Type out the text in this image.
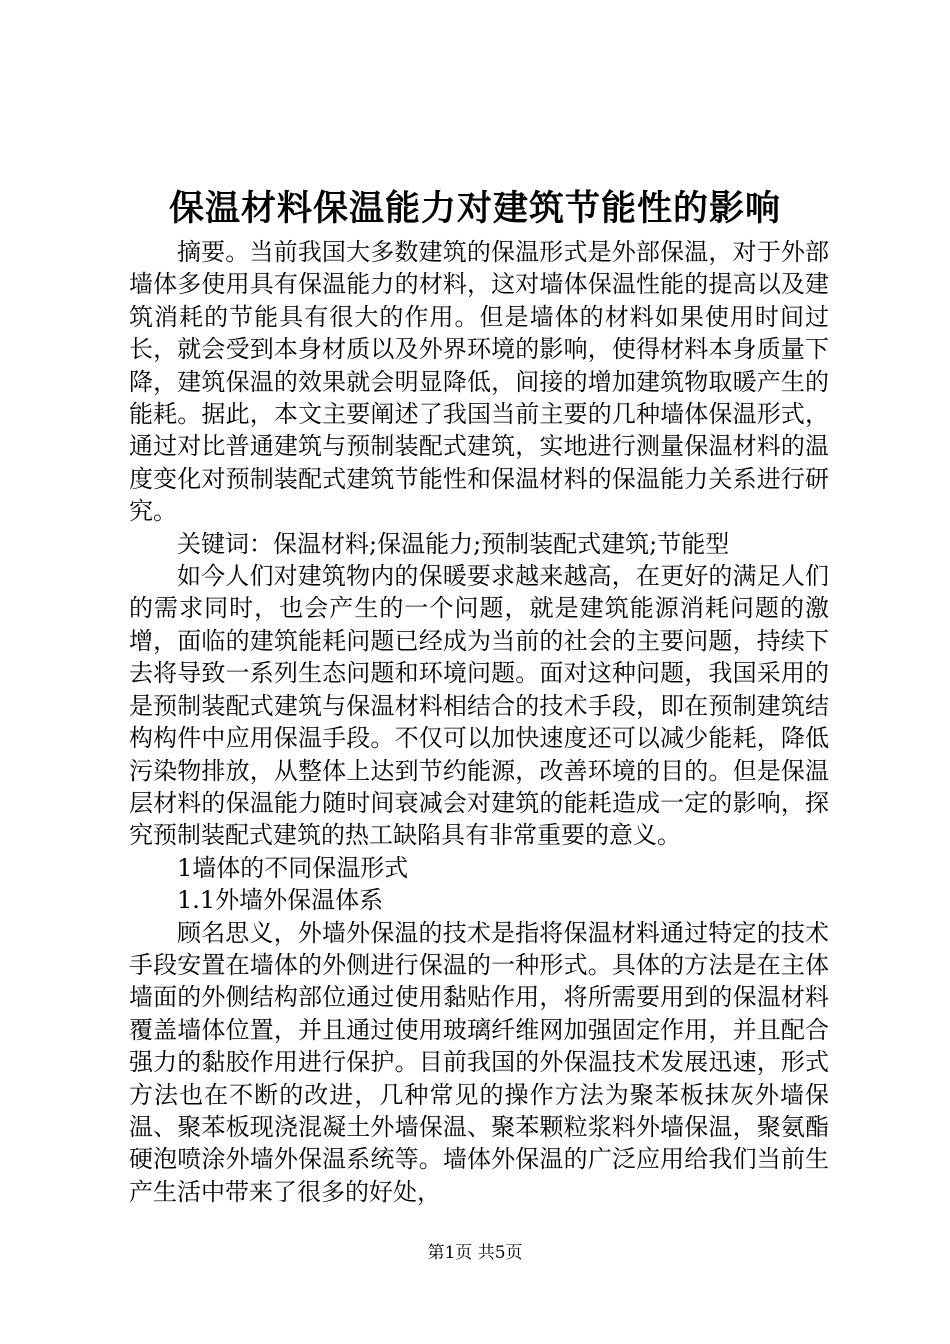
保温材料保温能力对建筑节能性的影响

摘要。当前我国大多数建筑的保温形式是外部保温，对于外部墙体多使用具有保温能力的材料，这对墙体保温性能的提高以及建筑消耗的节能具有很大的作用。但是墙体的材料如果使用时间过长，就会受到本身材质以及外界环境的影响，使得材料本身质量下降，建筑保温的效果就会明显降低，间接的增加建筑物取暖产生的能耗。据此，本文主要阐述了我国当前主要的几种墙体保温形式，通过对比普通建筑与预制装配式建筑，实地进行测量保温材料的温度变化对预制装配式建筑节能性和保温材料的保温能力关系进行研究。

关键词：保温材料;保温能力;预制装配式建筑;节能型

如今人们对建筑物内的保暖要求越来越高，在更好的满足人们的需求同时，也会产生的一个问题，就是建筑能源消耗问题的激增，面临的建筑能耗问题已经成为当前的社会的主要问题，持续下去将导致一系列生态问题和环境问题。面对这种问题，我国采用的是预制装配式建筑与保温材料相结合的技术手段，即在预制建筑结构构件中应用保温手段。不仅可以加快速度还可以减少能耗，降低污染物排放，从整体上达到节约能源，改善环境的目的。但是保温层材料的保温能力随时间衰减会对建筑的能耗造成一定的影响，探究预制装配式建筑的热工缺陷具有非常重要的意义。

1墙体的不同保温形式

1.1外墙外保温体系

顾名思义，外墙外保温的技术是指将保温材料通过特定的技术手段安置在墙体的外侧进行保温的一种形式。具体的方法是在主体墙面的外侧结构部位通过使用黏贴作用，将所需要用到的保温材料覆盖墙体位置，并且通过使用玻璃纤维网加强固定作用，并且配合强力的黏胶作用进行保护。目前我国的外保温技术发展迅速，形式方法也在不断的改进，几种常见的操作方法为聚苯板抹灰外墙保温、聚苯板现浇混凝土外墙保温、聚苯颗粒浆料外墙保温，聚氨酯硬泡喷涂外墙外保温系统等。墙体外保温的广泛应用给我们当前生产生活中带来了很多的好处，

第1页 共5页
